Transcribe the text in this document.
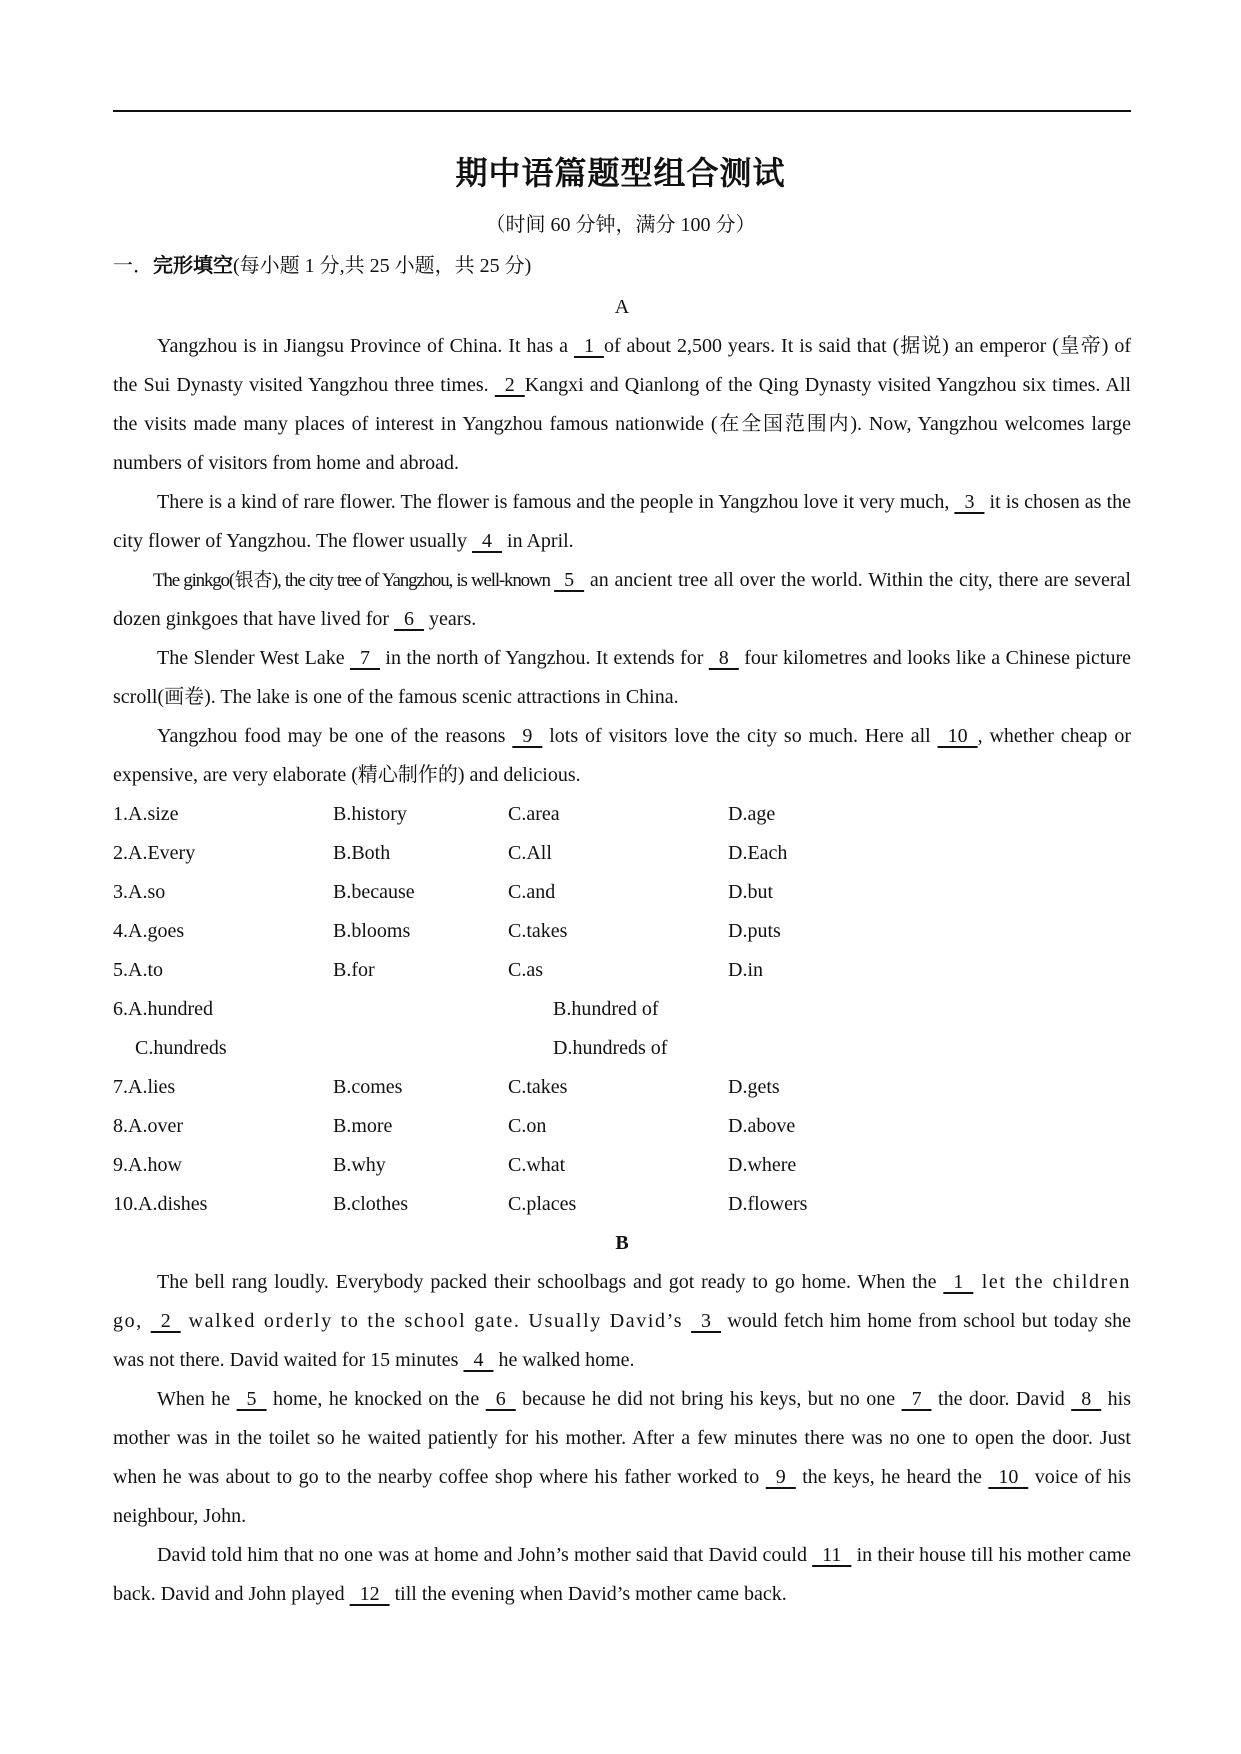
期中语篇题型组合测试
（时间 60 分钟，满分 100 分）
一．完形填空(每小题 1 分,共 25 小题，共 25 分)
A

Yangzhou is in Jiangsu Province of China. It has a   1  of about 2,500 years. It is said that (据说) an emperor (皇帝) of the Sui Dynasty visited Yangzhou three times.   2  Kangxi and Qianlong of the Qing Dynasty visited Yangzhou six times. All the visits made many places of interest in Yangzhou famous nationwide (在全国范围内). Now, Yangzhou welcomes large numbers of visitors from home and abroad.

There is a kind of rare flower. The flower is famous and the people in Yangzhou love it very much,   3   it is chosen as the city flower of Yangzhou. The flower usually   4   in April.

The ginkgo(银杏), the city tree of Yangzhou, is well-known   5   an ancient tree all over the world. Within the city, there are several dozen ginkgoes that have lived for   6   years.

The Slender West Lake   7   in the north of Yangzhou. It extends for   8   four kilometres and looks like a Chinese picture scroll(画卷). The lake is one of the famous scenic attractions in China.

Yangzhou food may be one of the reasons   9   lots of visitors love the city so much. Here all   10  , whether cheap or expensive, are very elaborate (精心制作的) and delicious.

1.A.size	B.history	C.area	D.age
2.A.Every	B.Both	C.All	D.Each
3.A.so	B.because	C.and	D.but
4.A.goes	B.blooms	C.takes	D.puts
5.A.to	B.for	C.as	D.in
6.A.hundred	B.hundred of
C.hundreds	D.hundreds of
7.A.lies	B.comes	C.takes	D.gets
8.A.over	B.more	C.on	D.above
9.A.how	B.why	C.what	D.where
10.A.dishes	B.clothes	C.places	D.flowers
B

The bell rang loudly. Everybody packed their schoolbags and got ready to go home. When the   1   let the children go,   2   walked orderly to the school gate. Usually David’s   3   would fetch him home from school but today she was not there. David waited for 15 minutes   4   he walked home.

When he   5   home, he knocked on the   6   because he did not bring his keys, but no one   7   the door. David   8   his mother was in the toilet so he waited patiently for his mother. After a few minutes there was no one to open the door. Just when he was about to go to the nearby coffee shop where his father worked to   9   the keys, he heard the   10   voice of his neighbour, John.

David told him that no one was at home and John’s mother said that David could   11   in their house till his mother came back. David and John played   12   till the evening when David’s mother came back.
